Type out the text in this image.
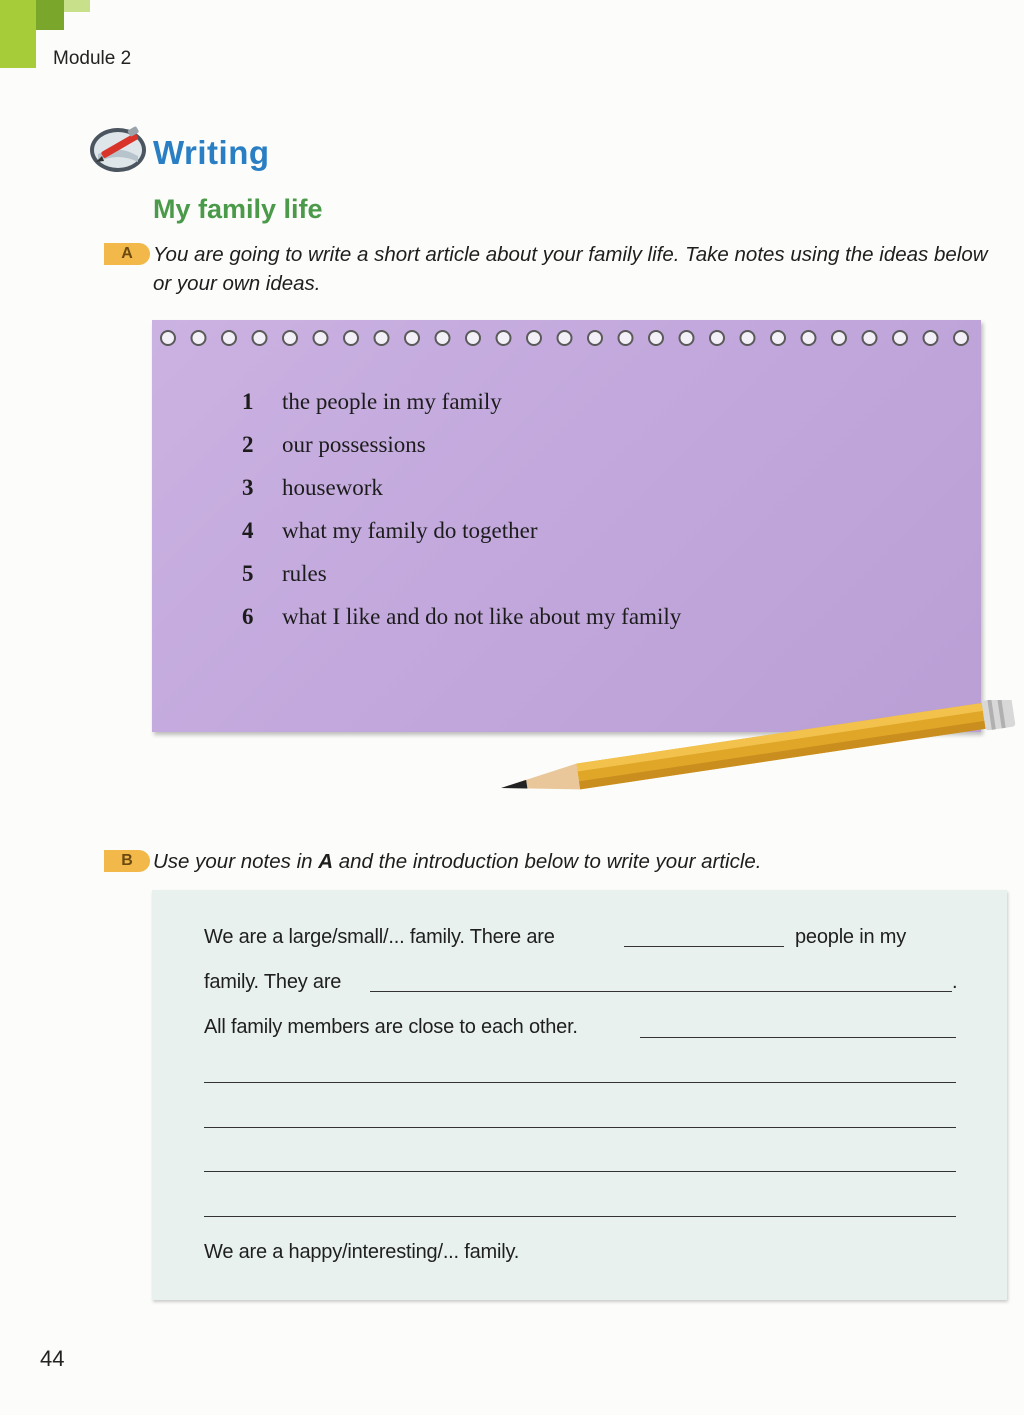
Module 2
Writing
My family life
A You are going to write a short article about your family life. Take notes using the ideas below or your own ideas.
1	the people in my family
2	our possessions
3	housework
4	what my family do together
5	rules
6	what I like and do not like about my family
B Use your notes in A and the introduction below to write your article.
We are a large/small/... family. There are	people in my
family. They are	.
All family members are close to each other.
We are a happy/interesting/... family.
44
